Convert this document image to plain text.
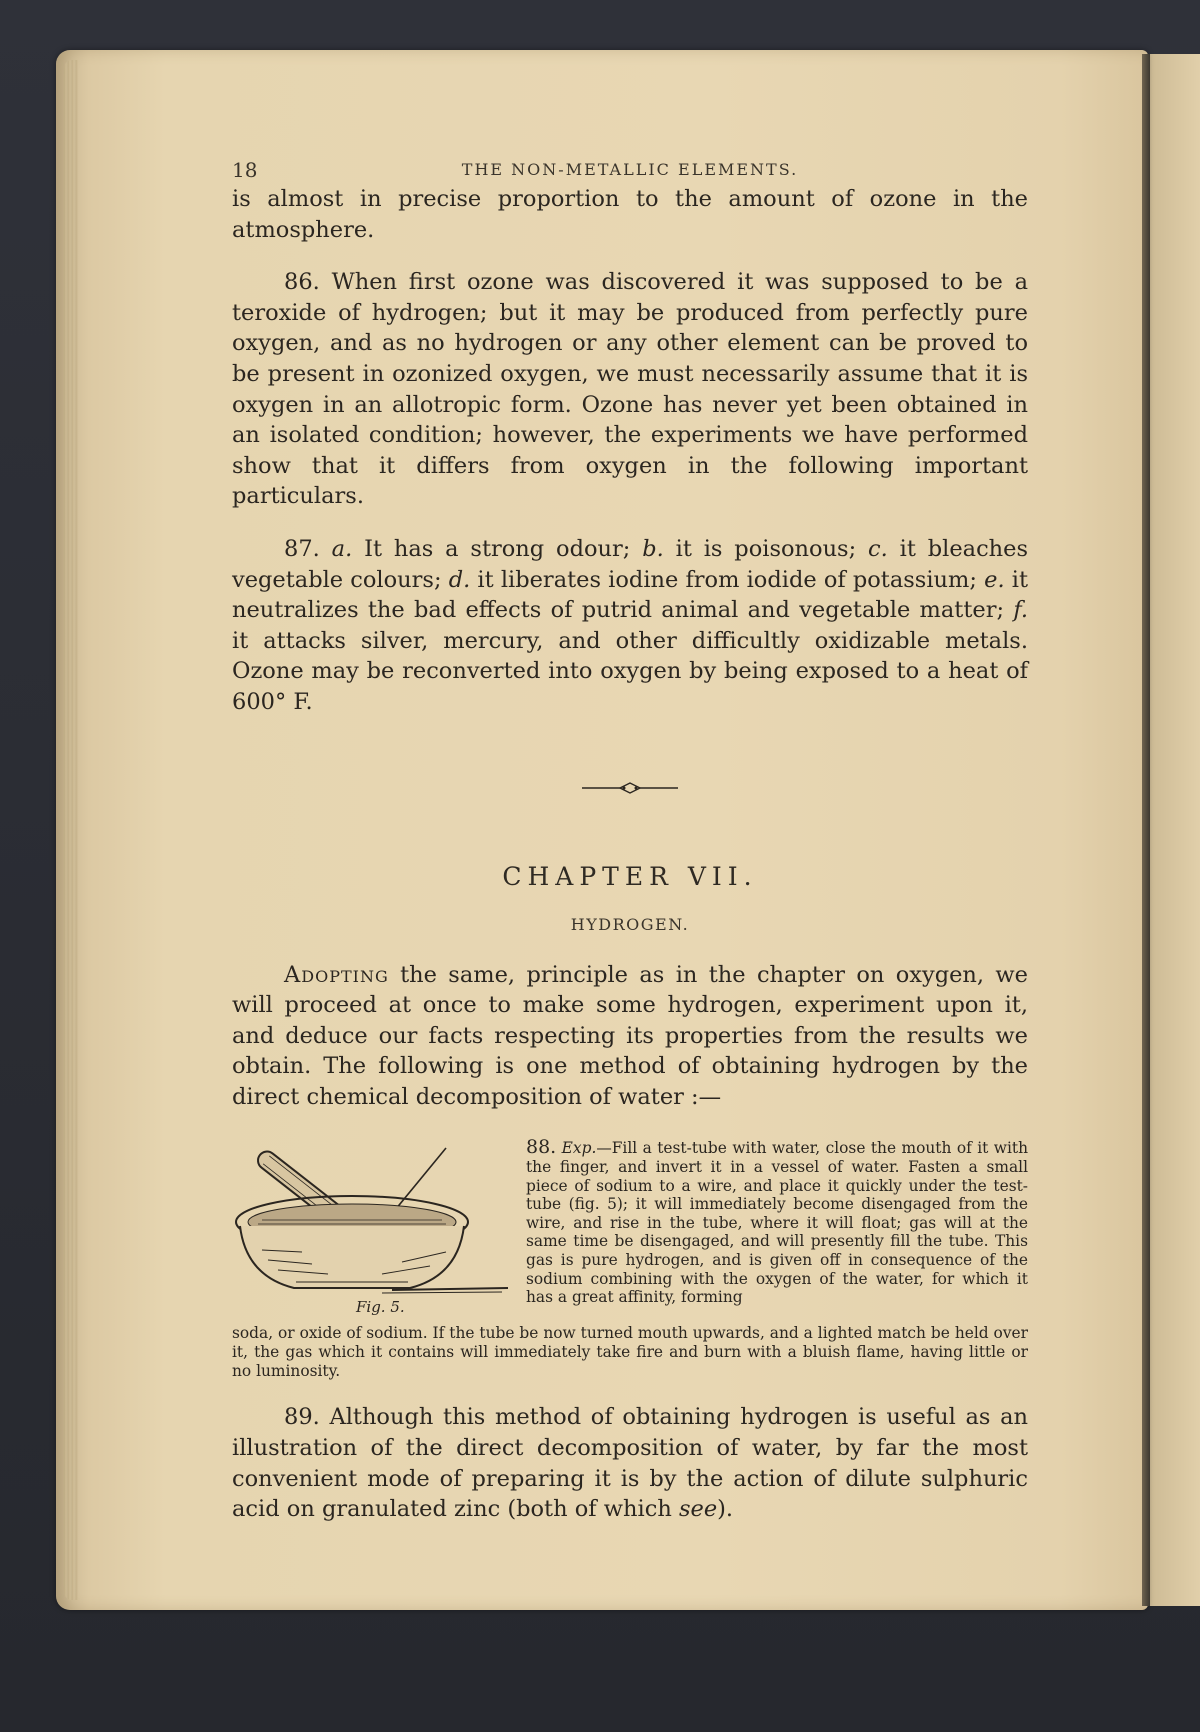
18	THE NON-METALLIC ELEMENTS.

is almost in precise proportion to the amount of ozone in the atmosphere.

86. When first ozone was discovered it was supposed to be a teroxide of hydrogen; but it may be produced from perfectly pure oxygen, and as no hydrogen or any other element can be proved to be present in ozonized oxygen, we must necessarily assume that it is oxygen in an allotropic form. Ozone has never yet been obtained in an isolated condition; however, the experiments we have performed show that it differs from oxygen in the following important particulars.

87. a. It has a strong odour; b. it is poisonous; c. it bleaches vegetable colours; d. it liberates iodine from iodide of potassium; e. it neutralizes the bad effects of putrid animal and vegetable matter; f. it attacks silver, mercury, and other difficultly oxidizable metals. Ozone may be reconverted into oxygen by being exposed to a heat of 600° F.

CHAPTER VII.
HYDROGEN.

Adopting the same, principle as in the chapter on oxygen, we will proceed at once to make some hydrogen, experiment upon it, and deduce our facts respecting its properties from the results we obtain. The following is one method of obtaining hydrogen by the direct chemical decomposition of water :—

Fig. 5.
88. Exp.—Fill a test-tube with water, close the mouth of it with the finger, and invert it in a vessel of water. Fasten a small piece of sodium to a wire, and place it quickly under the test-tube (fig. 5); it will immediately become disengaged from the wire, and rise in the tube, where it will float; gas will at the same time be disengaged, and will presently fill the tube. This gas is pure hydrogen, and is given off in consequence of the sodium combining with the oxygen of the water, for which it has a great affinity, forming
soda, or oxide of sodium. If the tube be now turned mouth upwards, and a lighted match be held over it, the gas which it contains will immediately take fire and burn with a bluish flame, having little or no luminosity.

89. Although this method of obtaining hydrogen is useful as an illustration of the direct decomposition of water, by far the most convenient mode of preparing it is by the action of dilute sulphuric acid on granulated zinc (both of which see).
